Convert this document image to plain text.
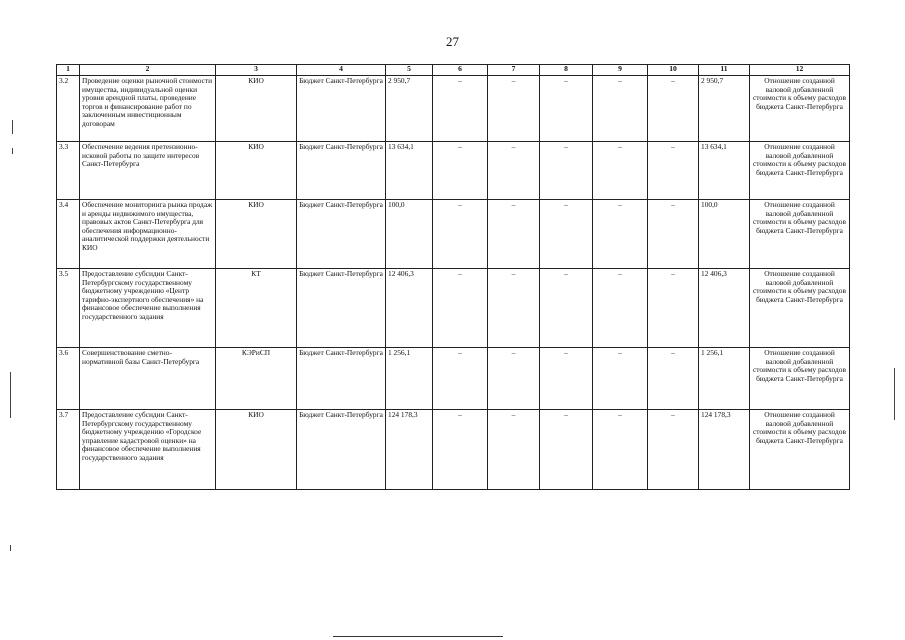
27
1	2	3	4	5	6	7	8	9	10	11	12
3.2	Проведение оценки рыночной стоимости имущества, индивидуальной оценки уровня арендной платы, проведение торгов и финансирование работ по заключенным инвестиционным договорам	КИО	Бюджет Санкт-Петербурга	2 950,7	–	–	–	–	–	2 950,7	Отношение созданной валовой добавленной стоимости к объему расходов бюджета Санкт-Петербурга
3.3	Обеспечение ведения претензионно-исковой работы по защите интересов Санкт-Петербурга	КИО	Бюджет Санкт-Петербурга	13 634,1	–	–	–	–	–	13 634,1	Отношение созданной валовой добавленной стоимости к объему расходов бюджета Санкт-Петербурга
3.4	Обеспечение мониторинга рынка продаж и аренды недвижимого имущества, правовых актов Санкт-Петербурга для обеспечения информационно-аналитической поддержки деятельности КИО	КИО	Бюджет Санкт-Петербурга	100,0	–	–	–	–	–	100,0	Отношение созданной валовой добавленной стоимости к объему расходов бюджета Санкт-Петербурга
3.5	Предоставление субсидии Санкт-Петербургскому государственному бюджетному учреждению «Центр тарифно-экспертного обеспечения» на финансовое обеспечение выполнения государственного задания	КТ	Бюджет Санкт-Петербурга	12 406,3	–	–	–	–	–	12 406,3	Отношение созданной валовой добавленной стоимости к объему расходов бюджета Санкт-Петербурга
3.6	Совершенствование сметно-нормативной базы Санкт-Петербурга	КЭРиСП	Бюджет Санкт-Петербурга	1 256,1	–	–	–	–	–	1 256,1	Отношение созданной валовой добавленной стоимости к объему расходов бюджета Санкт-Петербурга
3.7	Предоставление субсидии Санкт-Петербургскому государственному бюджетному учреждению «Городское управление кадастровой оценки» на финансовое обеспечение выполнения государственного задания	КИО	Бюджет Санкт-Петербурга	124 178,3	–	–	–	–	–	124 178,3	Отношение созданной валовой добавленной стоимости к объему расходов бюджета Санкт-Петербурга
